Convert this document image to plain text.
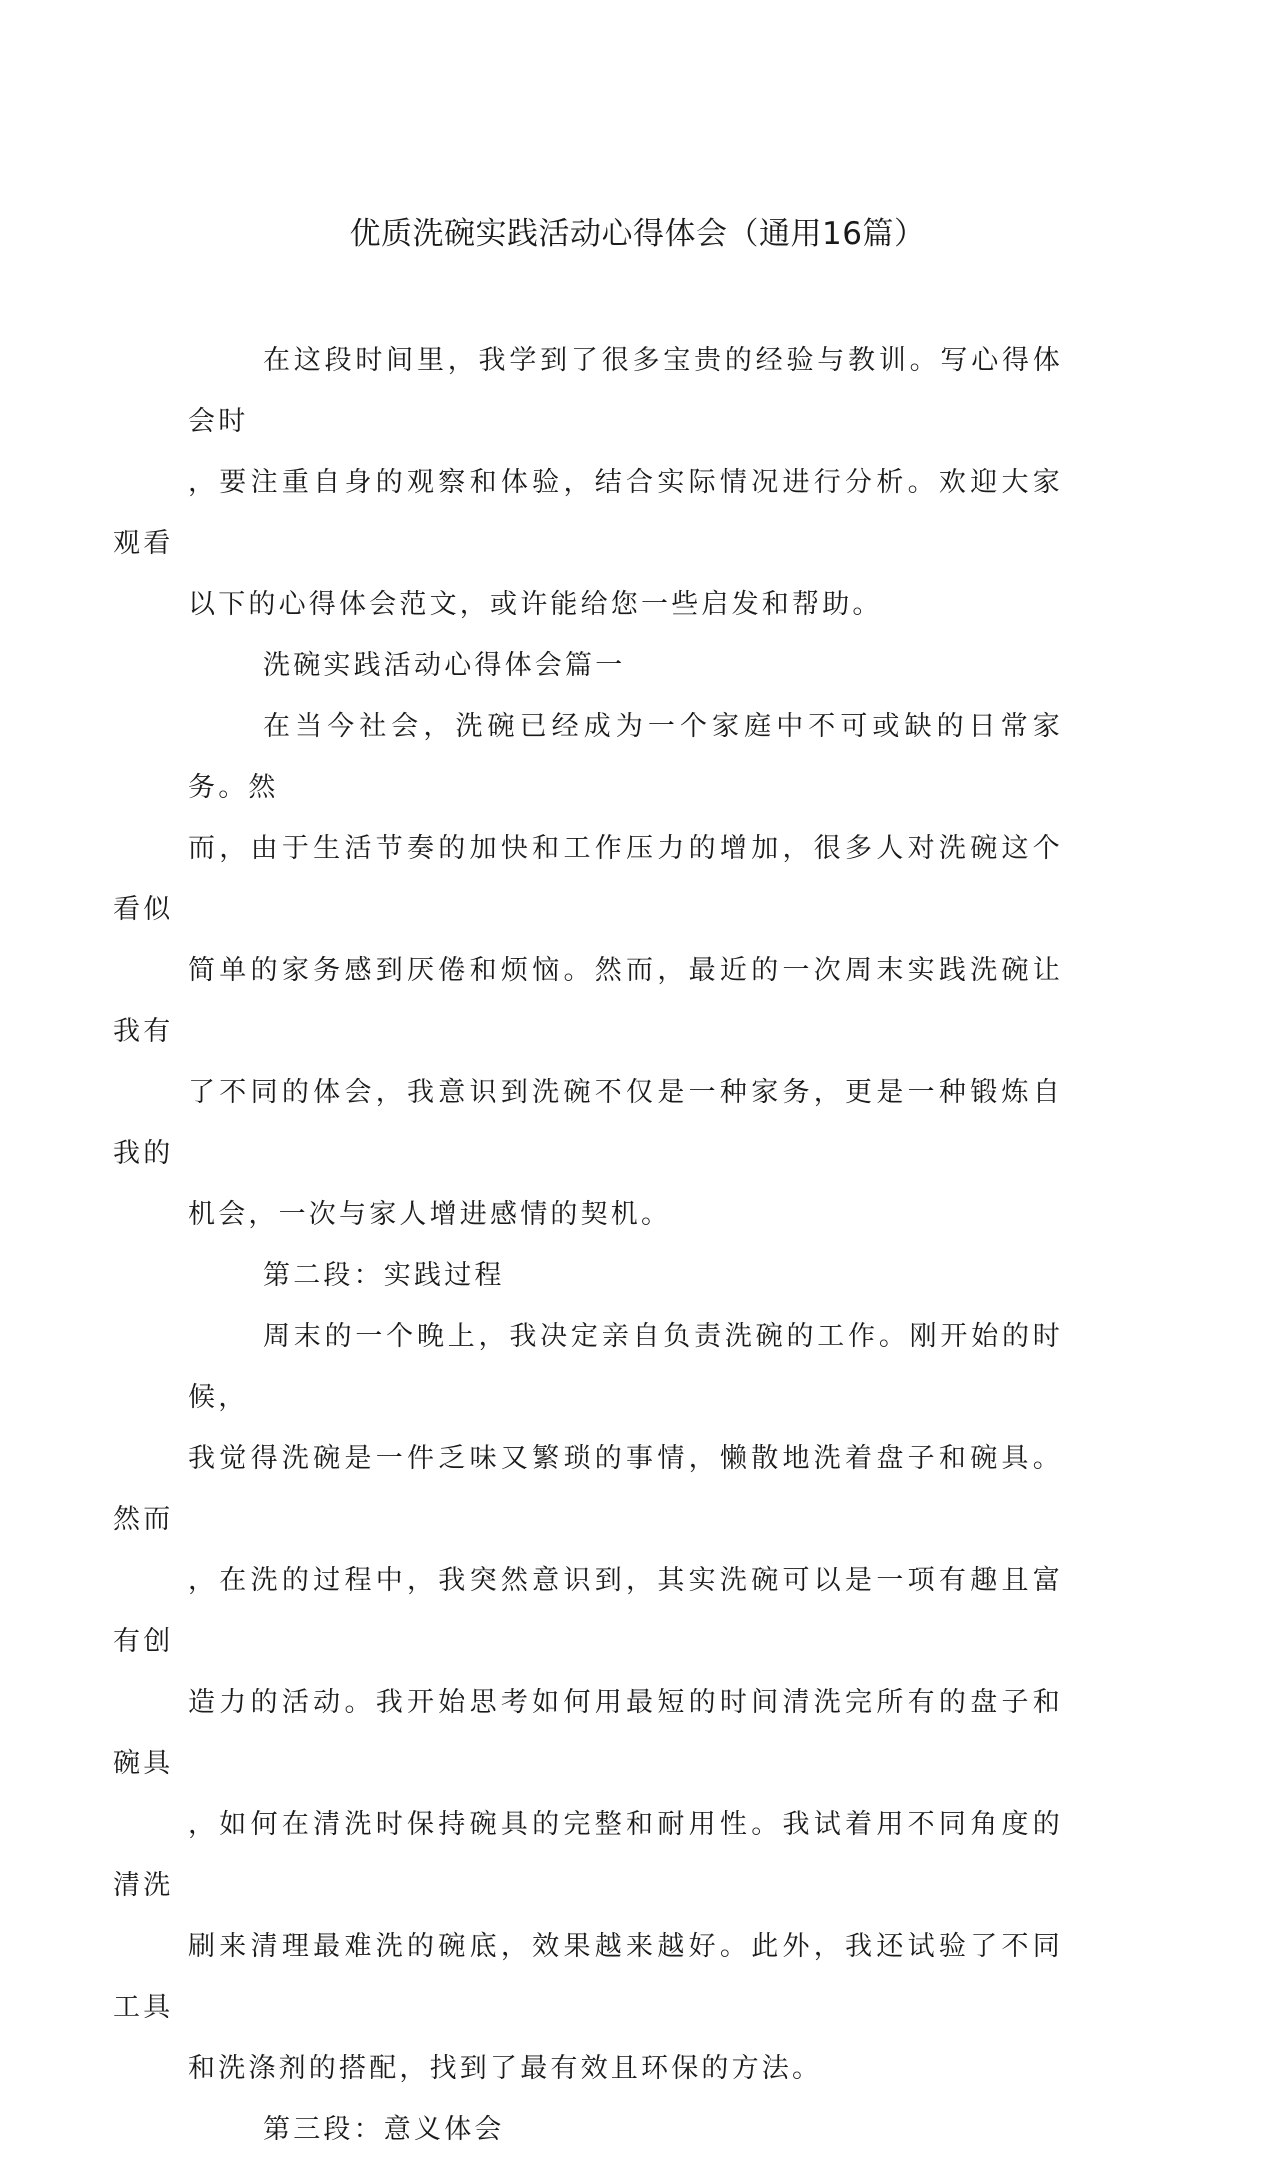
优质洗碗实践活动心得体会（通用16篇）
在这段时间里，我学到了很多宝贵的经验与教训。写心得体会时
，要注重自身的观察和体验，结合实际情况进行分析。欢迎大家观看
以下的心得体会范文，或许能给您一些启发和帮助。
洗碗实践活动心得体会篇一
在当今社会，洗碗已经成为一个家庭中不可或缺的日常家务。然
而，由于生活节奏的加快和工作压力的增加，很多人对洗碗这个看似
简单的家务感到厌倦和烦恼。然而，最近的一次周末实践洗碗让我有
了不同的体会，我意识到洗碗不仅是一种家务，更是一种锻炼自我的
机会，一次与家人增进感情的契机。
第二段：实践过程
周末的一个晚上，我决定亲自负责洗碗的工作。刚开始的时候，
我觉得洗碗是一件乏味又繁琐的事情，懒散地洗着盘子和碗具。然而
，在洗的过程中，我突然意识到，其实洗碗可以是一项有趣且富有创
造力的活动。我开始思考如何用最短的时间清洗完所有的盘子和碗具
，如何在清洗时保持碗具的完整和耐用性。我试着用不同角度的清洗
刷来清理最难洗的碗底，效果越来越好。此外，我还试验了不同工具
和洗涤剂的搭配，找到了最有效且环保的方法。
第三段：意义体会
